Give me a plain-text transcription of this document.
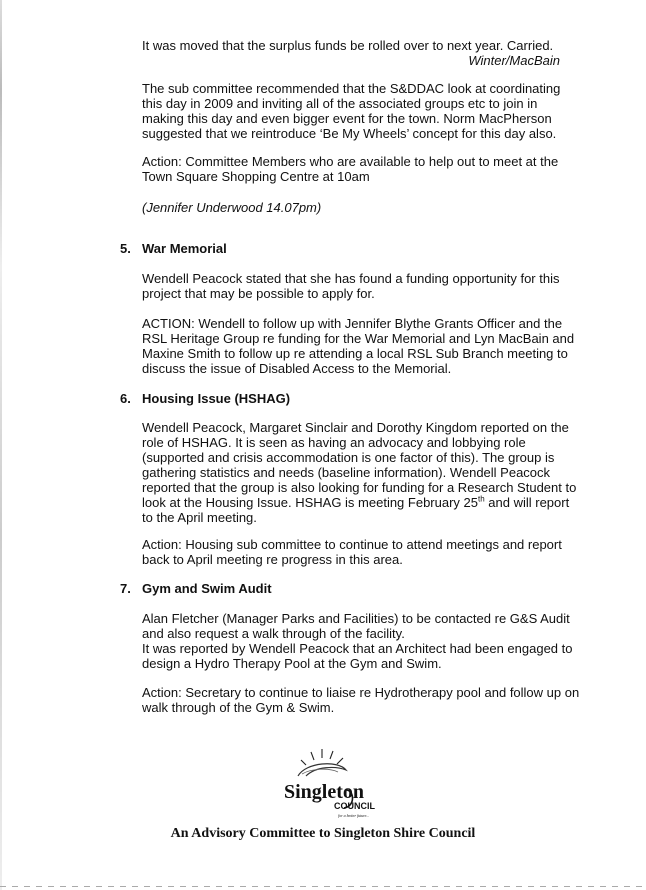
It was moved that the surplus funds be rolled over to next year. Carried.

Winter/MacBain

The sub committee recommended that the S&DDAC look at coordinating this day in 2009 and inviting all of the associated groups etc to join in making this day and even bigger event for the town. Norm MacPherson suggested that we reintroduce ‘Be My Wheels’ concept for this day also.

Action: Committee Members who are available to help out to meet at the Town Square Shopping Centre at 10am

(Jennifer Underwood 14.07pm)

5. War Memorial

Wendell Peacock stated that she has found a funding opportunity for this project that may be possible to apply for.

ACTION: Wendell to follow up with Jennifer Blythe Grants Officer and the RSL Heritage Group re funding for the War Memorial and Lyn MacBain and Maxine Smith to follow up re attending a local RSL Sub Branch meeting to discuss the issue of Disabled Access to the Memorial.

6. Housing Issue (HSHAG)

Wendell Peacock, Margaret Sinclair and Dorothy Kingdom reported on the role of HSHAG. It is seen as having an advocacy and lobbying role (supported and crisis accommodation is one factor of this). The group is gathering statistics and needs (baseline information). Wendell Peacock reported that the group is also looking for funding for a Research Student to look at the Housing Issue. HSHAG is meeting February 25th and will report to the April meeting.

Action: Housing sub committee to continue to attend meetings and report back to April meeting re progress in this area.

7. Gym and Swim Audit

Alan Fletcher (Manager Parks and Facilities) to be contacted re G&S Audit and also request a walk through of the facility.

It was reported by Wendell Peacock that an Architect had been engaged to design a Hydro Therapy Pool at the Gym and Swim.

Action: Secretary to continue to liaise re Hydrotherapy pool and follow up on walk through of the Gym & Swim.

Singleton
COUNCIL
for a better future...

An Advisory Committee to Singleton Shire Council
